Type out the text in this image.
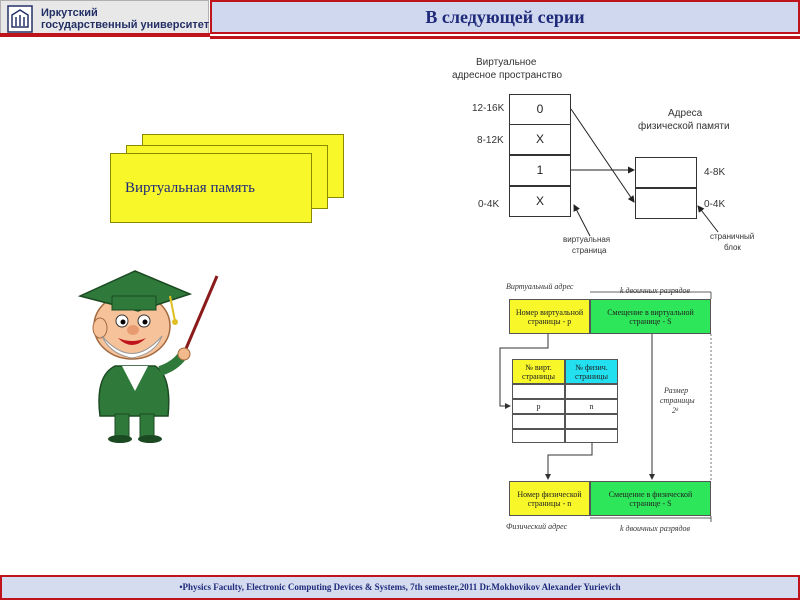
Иркутский
государственный университет	В следующей серии
Виртуальная память
Виртуальное
адресное пространство
Адреса
физической памяти
12-16K
8-12K
0-4K
0
X
1
X
4-8K
0-4K
виртуальная
страница
страничный
блок
Виртуальный адрес	k двоичных разрядов
Номер виртуальной
страницы - p
Смещение в виртуальной
странице - S
№ вирт.
страницы
№ физич.
страницы
p	n
Размер
страницы
2ᵏ
Номер физической
страницы - n
Смещение в физической
странице - S
Физический адрес	k двоичных разрядов
•Physics Faculty, Electronic Computing Devices & Systems, 7th semester,2011 Dr.Mokhovikov Alexander Yurievich
